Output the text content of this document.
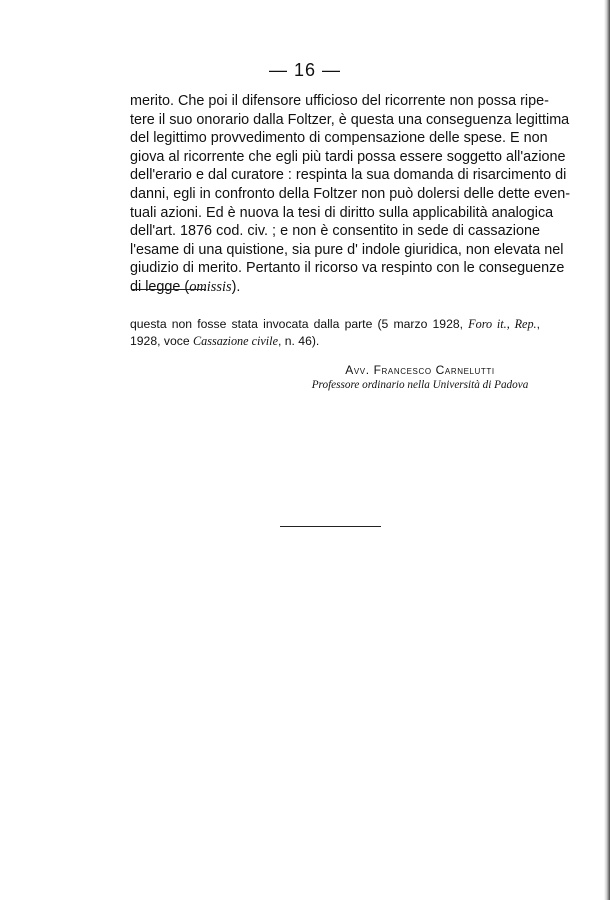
— 16 —

merito. Che poi il difensore ufficioso del ricorrente non possa ripe-
tere il suo onorario dalla Foltzer, è questa una conseguenza legittima
del legittimo provvedimento di compensazione delle spese. E non
giova al ricorrente che egli più tardi possa essere soggetto all'azione
dell'erario e dal curatore : respinta la sua domanda di risarcimento di
danni, egli in confronto della Foltzer non può dolersi delle dette even-
tuali azioni. Ed è nuova la tesi di diritto sulla applicabilità analogica
dell'art. 1876 cod. civ. ; e non è consentito in sede di cassazione
l'esame di una quistione, sia pure d' indole giuridica, non elevata nel
giudizio di merito. Pertanto il ricorso va respinto con le conseguenze
di legge (omissis).

questa non fosse stata invocata dalla parte (5 marzo 1928, Foro it., Rep.,
1928, voce Cassazione civile, n. 46).

Avv. Francesco Carnelutti
Professore ordinario nella Università di Padova
